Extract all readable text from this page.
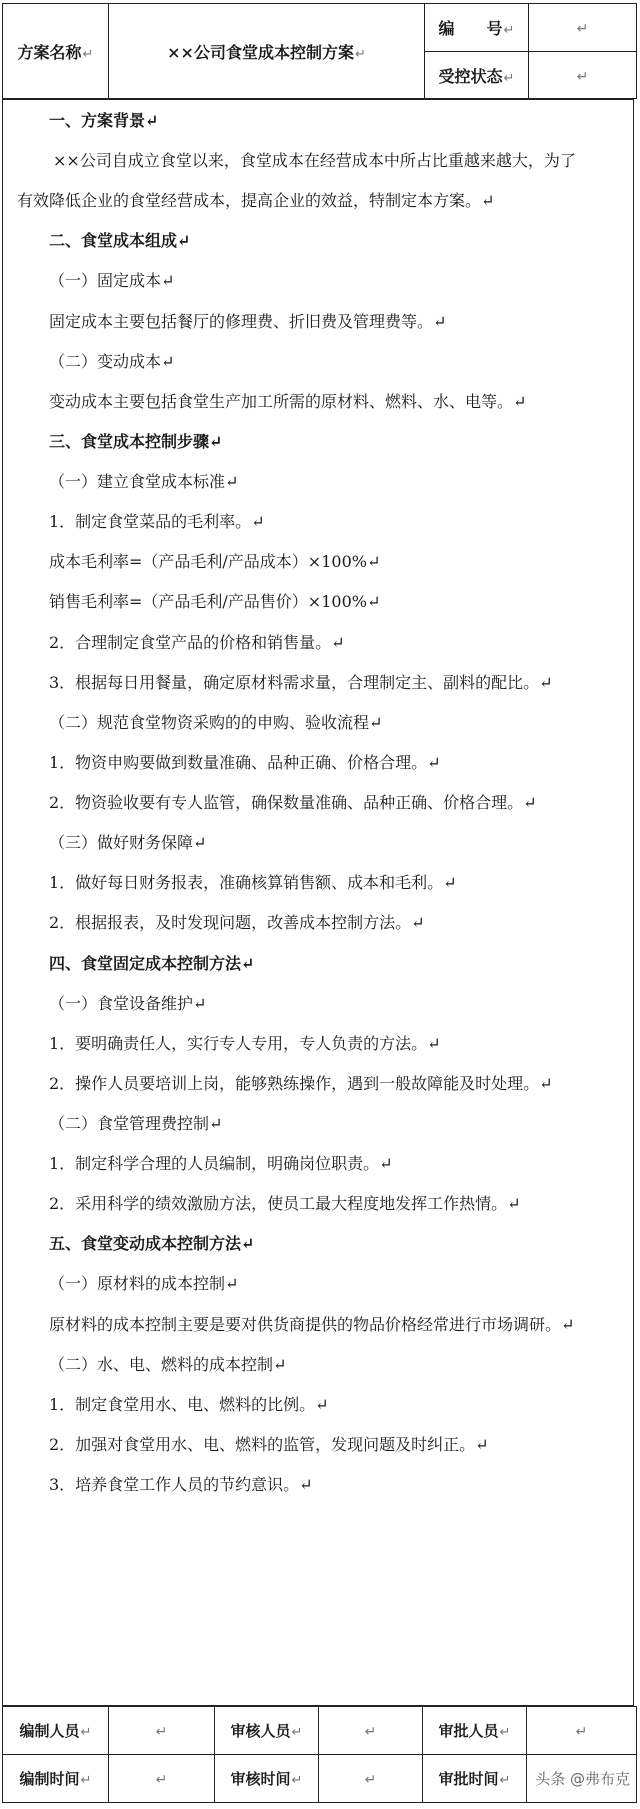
方案名称↵	××公司食堂成本控制方案↵	编　　号↵	↵
		受控状态↵	↵
一、方案背景↵
××公司自成立食堂以来，食堂成本在经营成本中所占比重越来越大，为了
有效降低企业的食堂经营成本，提高企业的效益，特制定本方案。↵
二、食堂成本组成↵
（一）固定成本↵
固定成本主要包括餐厅的修理费、折旧费及管理费等。↵
（二）变动成本↵
变动成本主要包括食堂生产加工所需的原材料、燃料、水、电等。↵
三、食堂成本控制步骤↵
（一）建立食堂成本标准↵
1．制定食堂菜品的毛利率。↵
成本毛利率=（产品毛利/产品成本）×100%↵
销售毛利率=（产品毛利/产品售价）×100%↵
2．合理制定食堂产品的价格和销售量。↵
3．根据每日用餐量，确定原材料需求量，合理制定主、副料的配比。↵
（二）规范食堂物资采购的的申购、验收流程↵
1．物资申购要做到数量准确、品种正确、价格合理。↵
2．物资验收要有专人监管，确保数量准确、品种正确、价格合理。↵
（三）做好财务保障↵
1．做好每日财务报表，准确核算销售额、成本和毛利。↵
2．根据报表，及时发现问题，改善成本控制方法。↵
四、食堂固定成本控制方法↵
（一）食堂设备维护↵
1．要明确责任人，实行专人专用，专人负责的方法。↵
2．操作人员要培训上岗，能够熟练操作，遇到一般故障能及时处理。↵
（二）食堂管理费控制↵
1．制定科学合理的人员编制，明确岗位职责。↵
2．采用科学的绩效激励方法，使员工最大程度地发挥工作热情。↵
五、食堂变动成本控制方法↵
（一）原材料的成本控制↵
原材料的成本控制主要是要对供货商提供的物品价格经常进行市场调研。↵
（二）水、电、燃料的成本控制↵
1．制定食堂用水、电、燃料的比例。↵
2．加强对食堂用水、电、燃料的监管，发现问题及时纠正。↵
3．培养食堂工作人员的节约意识。↵
编制人员↵	↵	审核人员↵	↵	审批人员↵	↵
编制时间↵	↵	审核时间↵	↵	审批时间↵	头条 @弗布克
